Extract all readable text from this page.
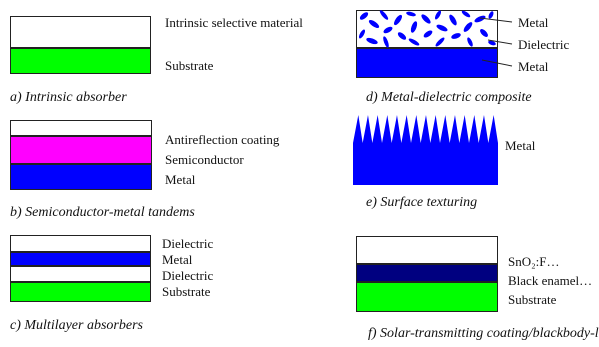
Intrinsic selective material
Substrate
a) Intrinsic absorber
Antireflection coating
Semiconductor
Metal
b) Semiconductor-metal tandems
Dielectric
Metal
Dielectric
Substrate
c) Multilayer absorbers
Metal
Dielectric
Metal
d) Metal-dielectric composite
Metal
e) Surface texturing
SnO₂:F…
Black enamel…
Substrate
f) Solar-transmitting coating/blackbody-l
